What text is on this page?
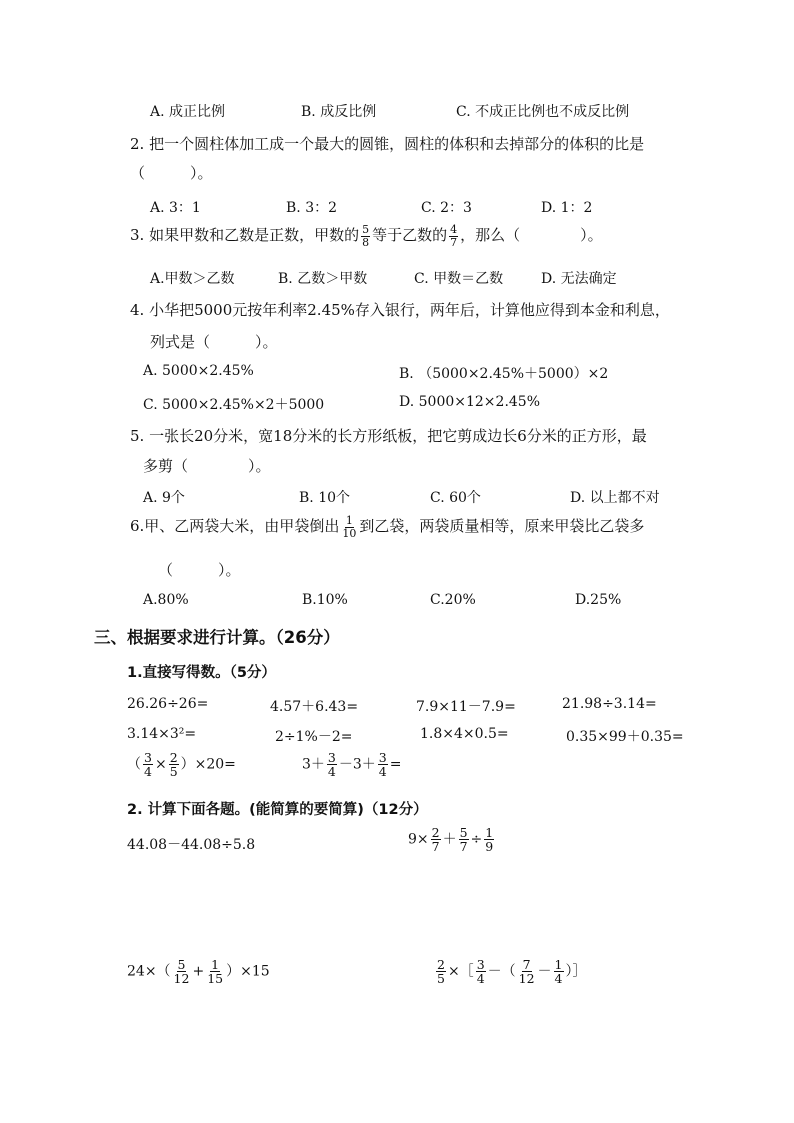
A. 成正比例	B. 成反比例	C. 不成正比例也不成反比例
2. 把一个圆柱体加工成一个最大的圆锥，圆柱的体积和去掉部分的体积的比是
（　　　）。
A. 3：1	B. 3：2	C. 2：3	D. 1：2
3. 如果甲数和乙数是正数，甲数的 $\frac{5}{8}$ 等于乙数的 $\frac{4}{7}$ ，那么（　　　　）。
A.甲数＞乙数	B. 乙数＞甲数	C. 甲数＝乙数	D. 无法确定
4. 小华把5000元按年利率2.45%存入银行，两年后，计算他应得到本金和利息，
列式是（　　　）。
A. 5000×2.45%	B. （5000×2.45%＋5000）×2
C. 5000×2.45%×2＋5000	D. 5000×12×2.45%
5. 一张长20分米，宽18分米的长方形纸板，把它剪成边长6分米的正方形，最
多剪（　　　　）。
A. 9个	B. 10个	C. 60个	D. 以上都不对
6.甲、乙两袋大米，由甲袋倒出 $\frac{1}{10}$ 到乙袋，两袋质量相等，原来甲袋比乙袋多
（　　　）。
A.80%	B.10%	C.20%	D.25%
三、根据要求进行计算。（26分）
1.直接写得数。（5分）
26.26÷26=	4.57＋6.43=	7.9×11－7.9=	21.98÷3.14=
3.14×3²=	2÷1%－2=	1.8×4×0.5=	0.35×99＋0.35=
（ $\frac{3}{4} \times \frac{2}{5} )\times 20=$	$3+ \frac{3}{4} -3+ \frac{3}{4}$ =
2. 计算下面各题。(能简算的要简算)（12分）
44.08－44.08÷5.8	$9\times \frac{2}{7} + \frac{5}{7} \div \frac{1}{9}$
$24\times( \frac{5}{12} + \frac{1}{15} )\times 15$	$\frac{2}{5}$ ×［ $\frac{3}{4}$ －（ $\frac{7}{12} - \frac{1}{4}$ ）］
